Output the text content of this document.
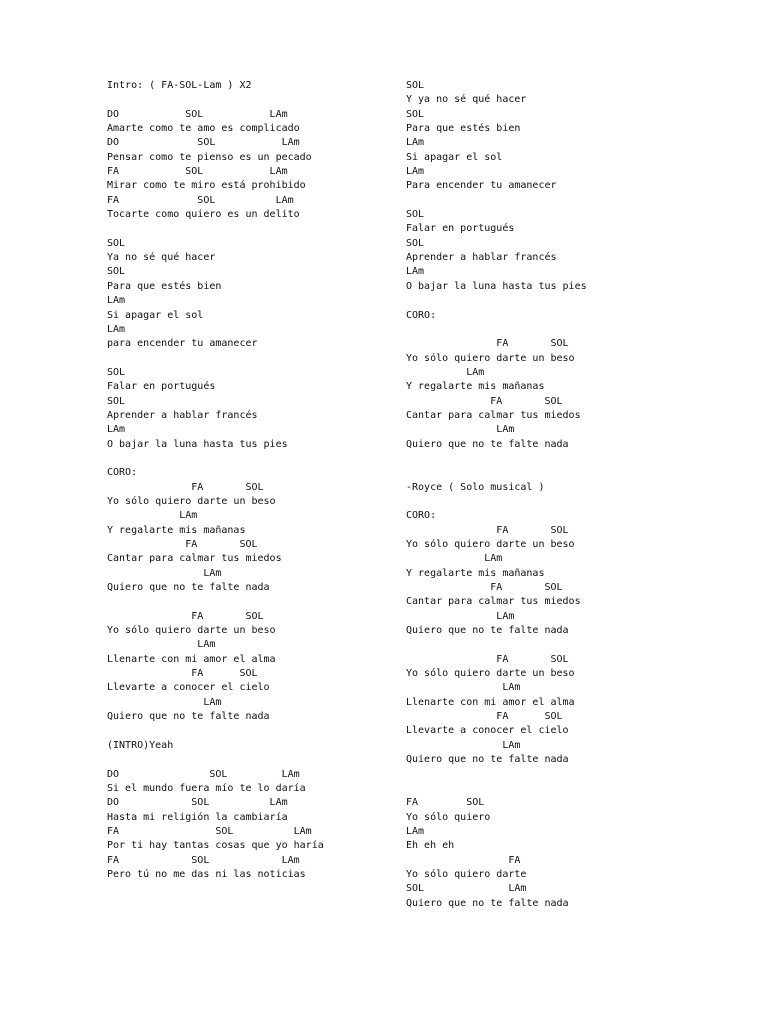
Intro: ( FA-SOL-Lam ) X2
DO           SOL           LAm
Amarte como te amo es complicado
DO             SOL           LAm
Pensar como te pienso es un pecado
FA           SOL           LAm
Mirar como te miro está prohibido
FA             SOL          LAm
Tocarte como quiero es un delito
SOL
Ya no sé qué hacer
SOL
Para que estés bien
LAm
Si apagar el sol
LAm
para encender tu amanecer
SOL
Falar en portugués
SOL
Aprender a hablar francés
LAm
O bajar la luna hasta tus pies
CORO:
FA       SOL
Yo sólo quiero darte un beso
LAm
Y regalarte mis mañanas
FA       SOL
Cantar para calmar tus miedos
LAm
Quiero que no te falte nada
FA       SOL
Yo sólo quiero darte un beso
LAm
Llenarte con mi amor el alma
FA      SOL
Llevarte a conocer el cielo
LAm
Quiero que no te falte nada
(INTRO)Yeah
DO               SOL         LAm
Si el mundo fuera mío te lo daría
DO            SOL          LAm
Hasta mi religión la cambiaría
FA                SOL          LAm
Por ti hay tantas cosas que yo haría
FA            SOL            LAm
Pero tú no me das ni las noticias
SOL
Y ya no sé qué hacer
SOL
Para que estés bien
LAm
Si apagar el sol
LAm
Para encender tu amanecer
SOL
Falar en portugués
SOL
Aprender a hablar francés
LAm
O bajar la luna hasta tus pies
CORO:
FA       SOL
Yo sólo quiero darte un beso
LAm
Y regalarte mis mañanas
FA       SOL
Cantar para calmar tus miedos
LAm
Quiero que no te falte nada
-Royce ( Solo musical )
CORO:
FA       SOL
Yo sólo quiero darte un beso
LAm
Y regalarte mis mañanas
FA       SOL
Cantar para calmar tus miedos
LAm
Quiero que no te falte nada
FA       SOL
Yo sólo quiero darte un beso
LAm
Llenarte con mi amor el alma
FA      SOL
Llevarte a conocer el cielo
LAm
Quiero que no te falte nada
FA        SOL
Yo sólo quiero
LAm
Eh eh eh
FA
Yo sólo quiero darte
SOL              LAm
Quiero que no te falte nada
